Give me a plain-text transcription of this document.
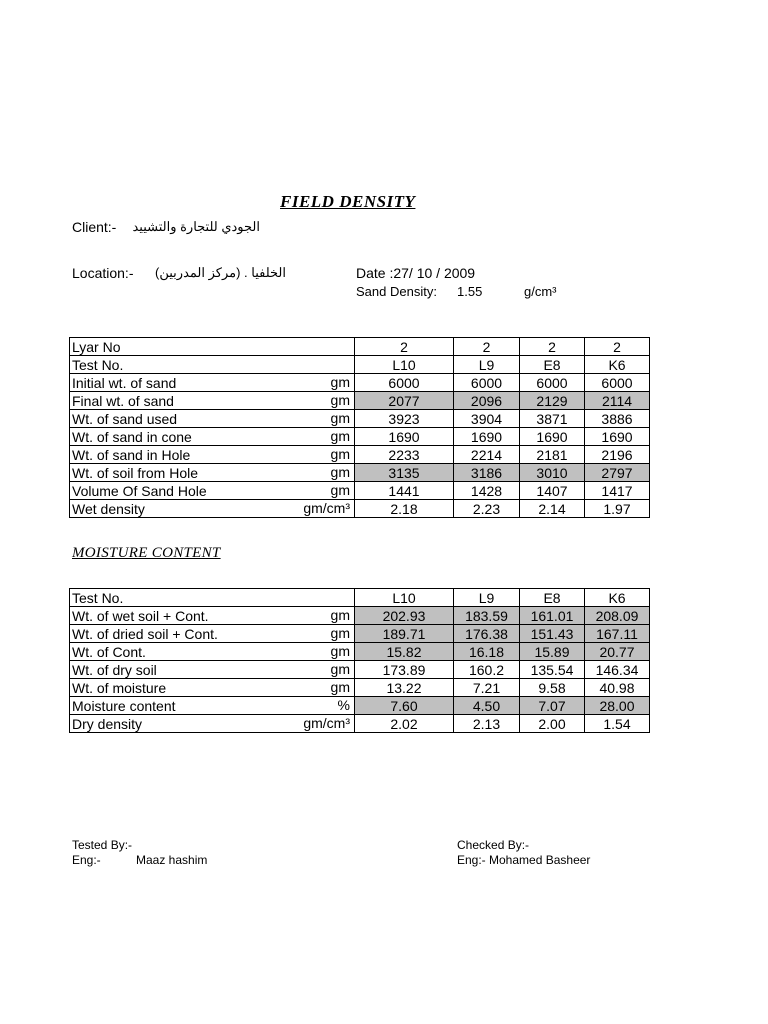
FIELD DENSITY
Client:- الجودي للتجارة والتشييد
Location:-	الخلفيا . (مركز المدربين)	Date :27/ 10 / 2009
Sand Density: 1.55	g/cm³
Lyar No	2	2	2	2
Test No.	L10	L9	E8	K6
Initial wt. of sand gm	6000	6000	6000	6000
Final wt. of sand gm	2077	2096	2129	2114
Wt. of sand used gm	3923	3904	3871	3886
Wt. of sand in cone gm	1690	1690	1690	1690
Wt. of sand in Hole gm	2233	2214	2181	2196
Wt. of soil from Hole gm	3135	3186	3010	2797
Volume Of Sand Hole gm	1441	1428	1407	1417
Wet density gm/cm³	2.18	2.23	2.14	1.97
MOISTURE CONTENT
Test No.	L10	L9	E8	K6
Wt. of wet soil + Cont. gm	202.93	183.59	161.01	208.09
Wt. of dried soil + Cont. gm	189.71	176.38	151.43	167.11
Wt. of Cont. gm	15.82	16.18	15.89	20.77
Wt. of dry soil gm	173.89	160.2	135.54	146.34
Wt. of moisture gm	13.22	7.21	9.58	40.98
Moisture content %	7.60	4.50	7.07	28.00
Dry density gm/cm³	2.02	2.13	2.00	1.54
Tested By:-
Eng:-	Maaz hashim
Checked By:-
Eng:- Mohamed Basheer
